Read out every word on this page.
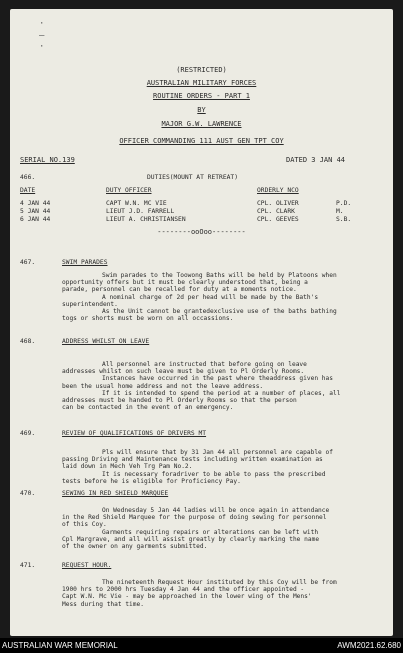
·
—
·
(RESTRICTED)
AUSTRALIAN MILITARY FORCES
ROUTINE ORDERS - PART 1
BY
MAJOR G.W. LAWRENCE
OFFICER COMMANDING 111 AUST GEN TPT COY
SERIAL NO.139	DATED 3 JAN 44
466.	DUTIES(MOUNT AT RETREAT)
DATE	DUTY OFFICER	ORDERLY NCO
4 JAN 44	CAPT W.N. MC VIE	CPL. OLIVER	P.D.
5 JAN 44	LIEUT J.D. FARRELL	CPL. CLARK	M.
6 JAN 44	LIEUT A. CHRISTIANSEN	CPL. GEEVES	S.B.
--------ooOoo--------
467.	SWIM PARADES

Swim parades to the Toowong Baths will be held by Platoons when

opportunity offers but it must be clearly understood that, being a

parade, personnel can be recalled for duty at a moments notice.

A nominal charge of 2d per head will be made by the Bath's

superintendent.

As the Unit cannot be grantedexclusive use of the baths bathing

togs or shorts must be worn on all occassions.

468.	ADDRESS WHILST ON LEAVE

All personnel are instructed that before going on leave

addresses whilst on such leave must be given to Pl Orderly Rooms.

Instances have occurred in the past where theaddress given has

been the usual home address and not the leave address.

If it is intended to spend the period at a number of places, all

addresses must be handed to Pl Orderly Rooms so that the person

can be contacted in the event of an emergency.

469.	REVIEW OF QUALIFICATIONS OF DRIVERS MT

Pls will ensure that by 31 Jan 44 all personnel are capable of

passing Driving and Maintenance tests including written examination as

laid down in Mech Veh Trg Pam No.2.

It is necessary foradriver to be able to pass the prescribed

tests before he is eligible for Proficiency Pay.

470.	SEWING IN RED SHIELD MARQUEE

On Wednesday 5 Jan 44 ladies will be once again in attendance

in the Red Shield Marquee for the purpose of doing sewing for personnel

of this Coy.

Garments requiring repairs or alterations can be left with

Cpl Margrave, and all will assist greatly by clearly marking the name

of the owner on any garments submitted.

471.	REQUEST HOUR.

The nineteenth Request Hour instituted by this Coy will be from

1900 hrs to 2000 hrs Tuesday 4 Jan 44 and the officer appointed -

Capt W.N. Mc Vie - may be approached in the lower wing of the Mens'

Mess during that time.

AUSTRALIAN WAR MEMORIAL	AWM2021.62.680
